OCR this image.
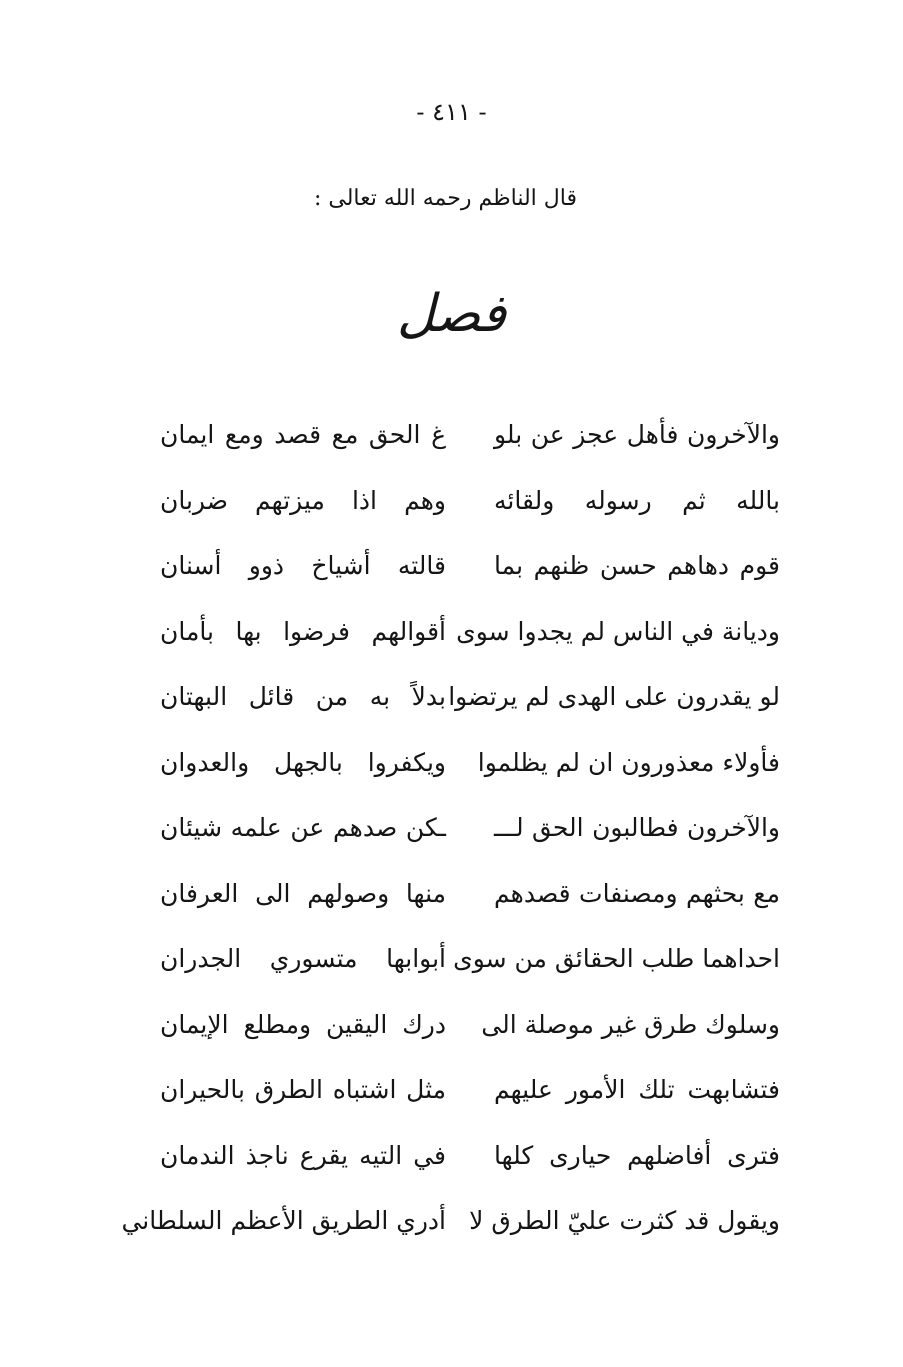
- ٤١١ -
قال الناظم رحمه الله تعالى :
فصل
والآخرون فأهل عجز عن بلو
غ الحق مع قصد ومع ايمان
بالله ثم رسوله ولقائه
وهم اذا ميزتهم ضربان
قوم دهاهم حسن ظنهم بما
قالته أشياخ ذوو أسنان
وديانة في الناس لم يجدوا سوى
أقوالهم فرضوا بها بأمان
لو يقدرون على الهدى لم يرتضوا
بدلاً به من قائل البهتان
فأولاء معذورون ان لم يظلموا
ويكفروا بالجهل والعدوان
والآخرون فطالبون الحق لـــ
ـكن صدهم عن علمه شيئان
مع بحثهم ومصنفات قصدهم
منها وصولهم الى العرفان
احداهما طلب الحقائق من سوى
أبوابها متسوري الجدران
وسلوك طرق غير موصلة الى
درك اليقين ومطلع الإيمان
فتشابهت تلك الأمور عليهم
مثل اشتباه الطرق بالحيران
فترى أفاضلهم حيارى كلها
في التيه يقرع ناجذ الندمان
ويقول قد كثرت عليّ الطرق لا
أدري الطريق الأعظم السلطاني
